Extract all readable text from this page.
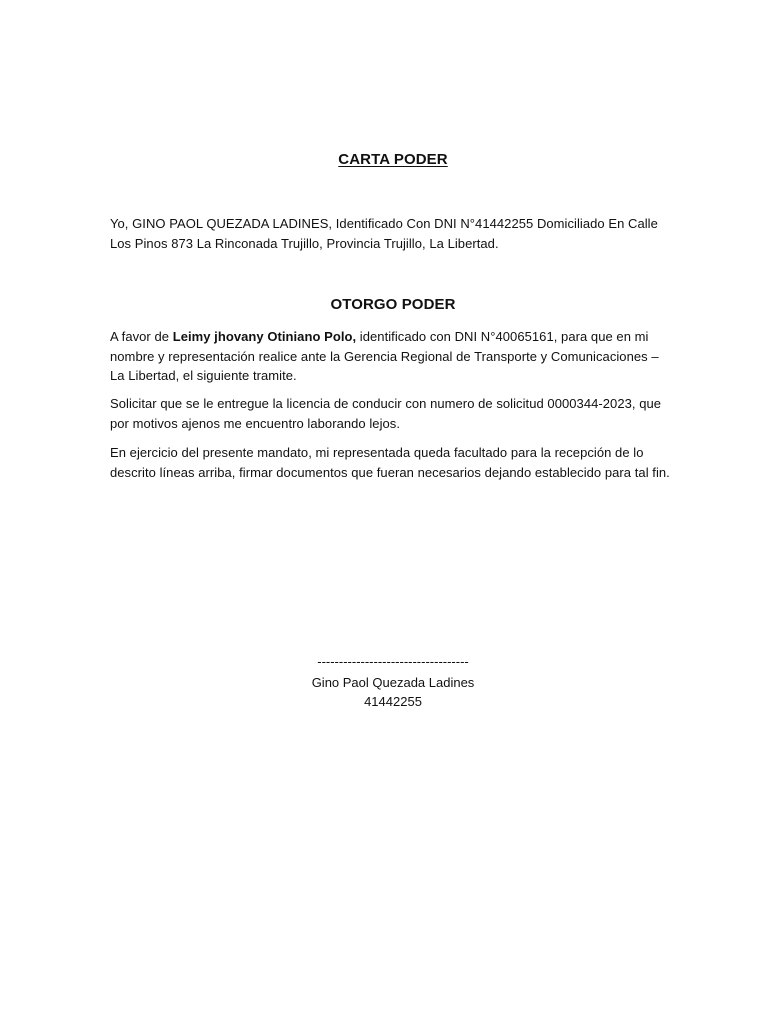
CARTA PODER
Yo, GINO PAOL QUEZADA LADINES, Identificado Con DNI N°41442255 Domiciliado En Calle Los Pinos 873 La Rinconada Trujillo, Provincia Trujillo, La Libertad.
OTORGO PODER
A favor de Leimy jhovany Otiniano Polo, identificado con DNI N°40065161, para que en mi nombre y representación realice ante la Gerencia Regional de Transporte y Comunicaciones – La Libertad, el siguiente tramite.
Solicitar que se le entregue la licencia de conducir con numero de solicitud 0000344-2023, que por motivos ajenos me encuentro laborando lejos.
En ejercicio del presente mandato, mi representada queda facultado para la recepción de lo descrito líneas arriba, firmar documentos que fueran necesarios dejando establecido para tal fin.
-----------------------------------
Gino Paol Quezada Ladines
41442255
